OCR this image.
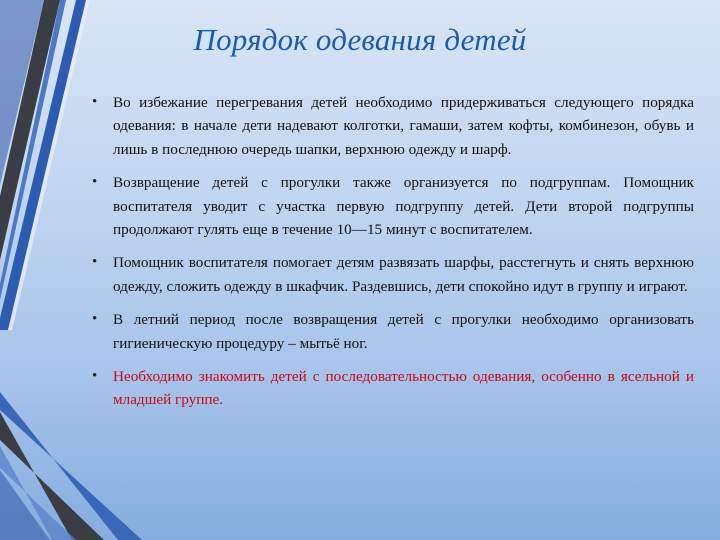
Порядок одевания детей
• Во избежание перегревания детей необходимо придерживаться следующего порядка одевания: в начале дети надевают колготки, гамаши, затем кофты, комбинезон, обувь и лишь в последнюю очередь шапки, верхнюю одежду и шарф.
• Возвращение детей с прогулки также организуется по подгруппам. Помощник воспитателя уводит с участка первую подгруппу детей. Дети второй подгруппы продолжают гулять еще в течение 10—15 минут с воспитателем.
• Помощник воспитателя помогает детям развязать шарфы, расстегнуть и снять верхнюю одежду, сложить одежду в шкафчик. Раздевшись, дети спокойно идут в группу и играют.
• В летний период после возвращения детей с прогулки необходимо организовать гигиеническую процедуру – мытьё ног.
• Необходимо знакомить детей с последовательностью одевания, особенно в ясельной и младшей группе.
